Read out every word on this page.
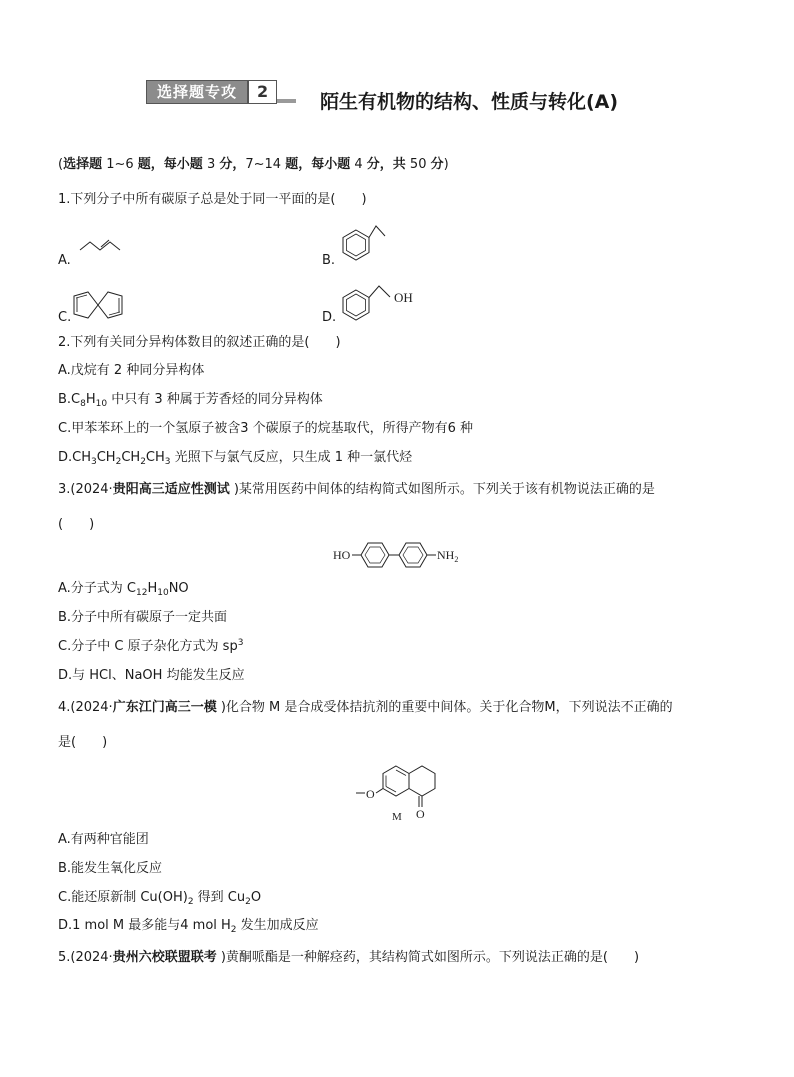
选择题专攻	2	陌生有机物的结构、性质与转化(A)
(选择题 1~6 题，每小题 3 分，7~14 题，每小题 4 分，共 50 分)
1.下列分子中所有碳原子总是处于同一平面的是(　　)
A.	B.
C.	D.
OH
2.下列有关同分异构体数目的叙述正确的是(　　)
A.戊烷有 2 种同分异构体
$B.C_8H_{10}$ 中只有 3 种属于芳香烃的同分异构体
C.甲苯苯环上的一个氢原子被含3 个碳原子的烷基取代，所得产物有6 种
$D.CH_3CH_2CH_2CH_3$ 光照下与氯气反应，只生成 1 种一氯代烃
3.(2024·贵阳高三适应性测试 )某常用医药中间体的结构简式如图所示。下列关于该有机物说法正确的是
(　　)
HO	$NH_2$
A.分子式为 $C_{12}H_{10}NO$
B.分子中所有碳原子一定共面
C.分子中 C 原子杂化方式为 $sp^3$
D.与 HCl、NaOH 均能发生反应
4.(2024·广东江门高三一模 )化合物 M 是合成受体拮抗剂的重要中间体。关于化合物M，下列说法不正确的
是(　　)
O
O
M
A.有两种官能团
B.能发生氧化反应
C.能还原新制 $Cu(OH)_2$ 得到 $Cu_2O$
D.1 mol M 最多能与4 mol $H_2$ 发生加成反应
5.(2024·贵州六校联盟联考 )黄酮哌酯是一种解痉药，其结构简式如图所示。下列说法正确的是(　　)
